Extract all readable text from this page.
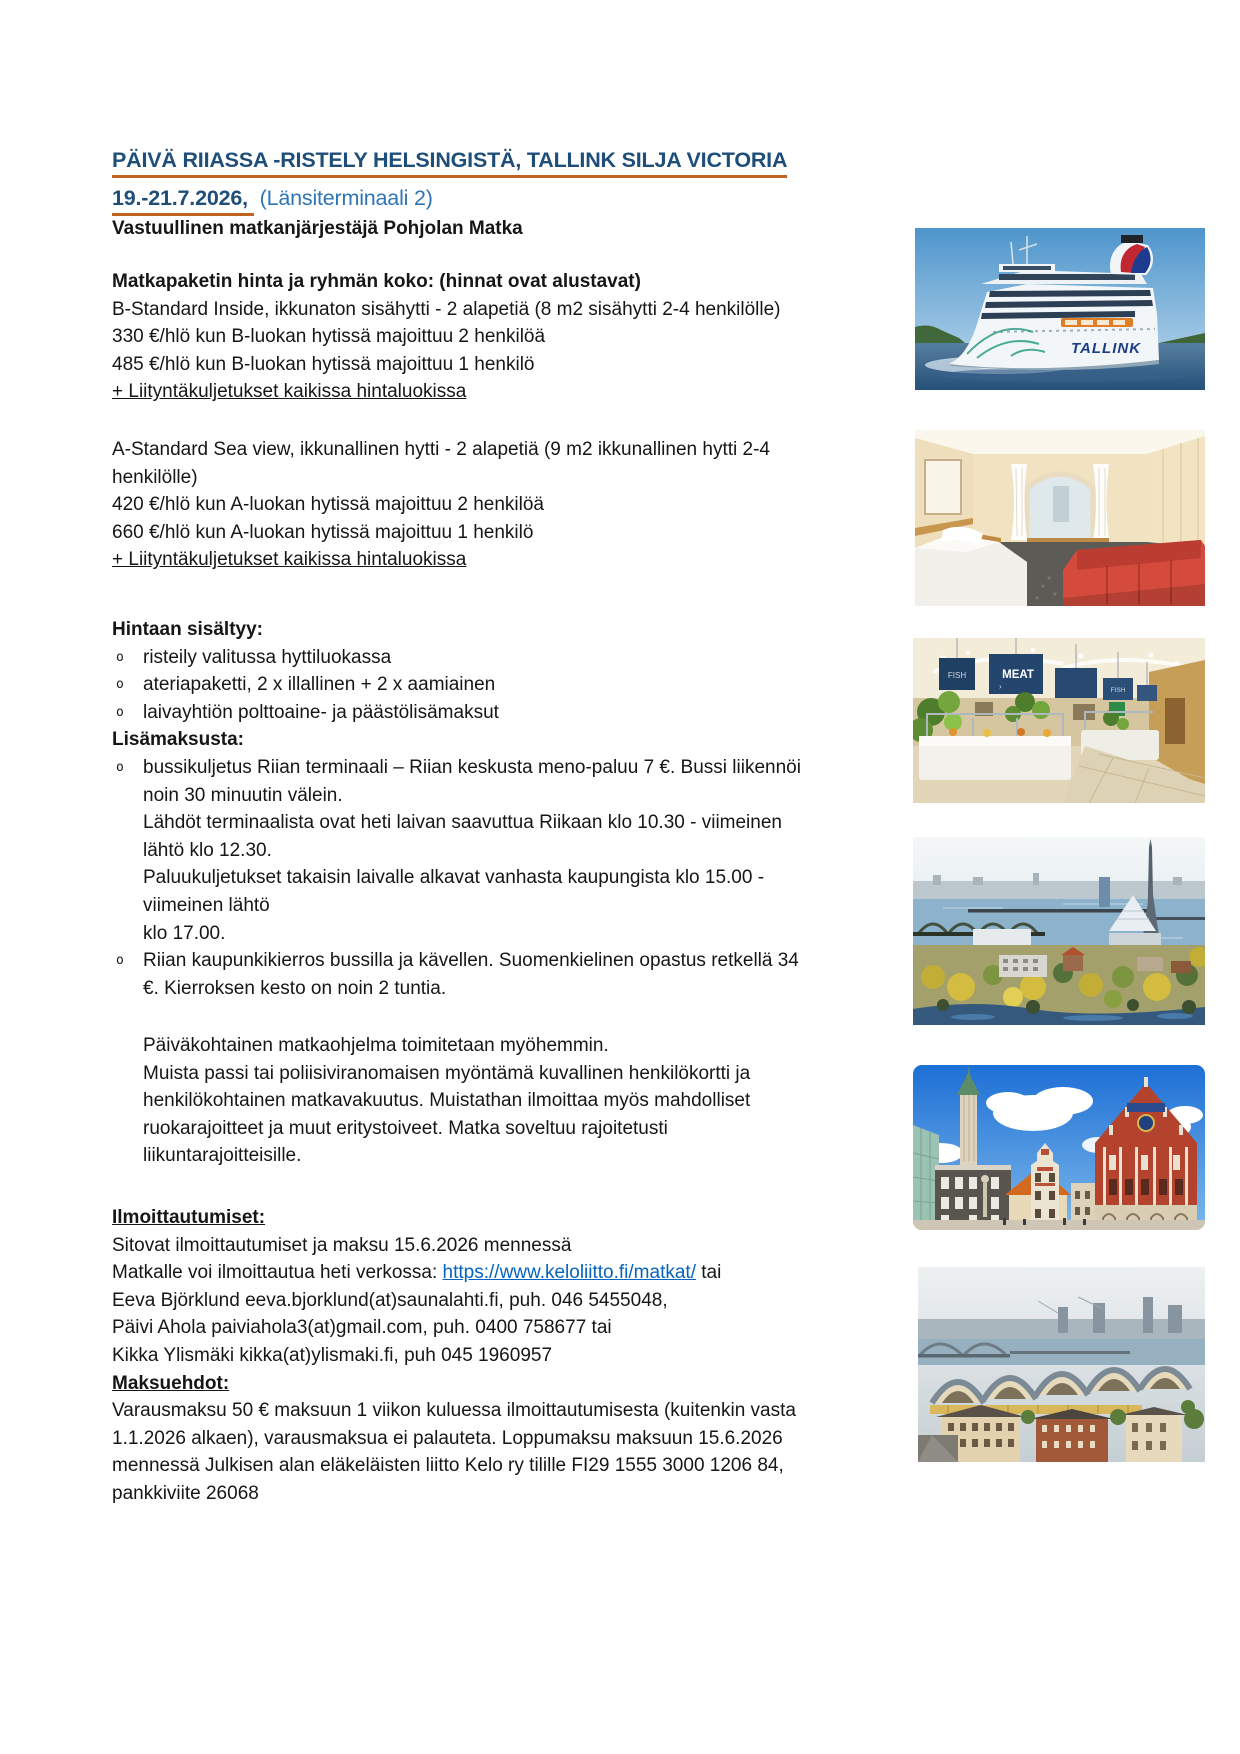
PÄIVÄ RIIASSA -RISTELY HELSINGISTÄ, TALLINK SILJA VICTORIA
19.-21.7.2026, (Länsiterminaali 2)
Vastuullinen matkanjärjestäjä Pohjolan Matka
Matkapaketin hinta ja ryhmän koko: (hinnat ovat alustavat)
B-Standard Inside, ikkunaton sisähytti - 2 alapetiä (8 m2 sisähytti 2-4 henkilölle)
330 €/hlö kun B-luokan hytissä majoittuu 2 henkilöä
485 €/hlö kun B-luokan hytissä majoittuu 1 henkilö
+ Liityntäkuljetukset kaikissa hintaluokissa
A-Standard Sea view, ikkunallinen hytti - 2 alapetiä (9 m2 ikkunallinen hytti 2-4
henkilölle)
420 €/hlö kun A-luokan hytissä majoittuu 2 henkilöä
660 €/hlö kun A-luokan hytissä majoittuu 1 henkilö
+ Liityntäkuljetukset kaikissa hintaluokissa
Hintaan sisältyy:
o risteily valitussa hyttiluokassa
o ateriapaketti, 2 x illallinen + 2 x aamiainen
o laivayhtiön polttoaine- ja päästölisämaksut
Lisämaksusta:
o bussikuljetus Riian terminaali – Riian keskusta meno-paluu 7 €. Bussi liikennöi
noin 30 minuutin välein.
Lähdöt terminaalista ovat heti laivan saavuttua Riikaan klo 10.30 - viimeinen
lähtö klo 12.30.
Paluukuljetukset takaisin laivalle alkavat vanhasta kaupungista klo 15.00 -
viimeinen lähtö
klo 17.00.
o Riian kaupunkikierros bussilla ja kävellen. Suomenkielinen opastus retkellä 34
€. Kierroksen kesto on noin 2 tuntia.
Päiväkohtainen matkaohjelma toimitetaan myöhemmin.
Muista passi tai poliisiviranomaisen myöntämä kuvallinen henkilökortti ja
henkilökohtainen matkavakuutus. Muistathan ilmoittaa myös mahdolliset
ruokarajoitteet ja muut eritystoiveet. Matka soveltuu rajoitetusti
liikuntarajoitteisille.
Ilmoittautumiset:
Sitovat ilmoittautumiset ja maksu 15.6.2026 mennessä
Matkalle voi ilmoittautua heti verkossa: https://www.keloliitto.fi/matkat/ tai
Eeva Björklund eeva.bjorklund(at)saunalahti.fi, puh. 046 5455048,
Päivi Ahola paiviahola3(at)gmail.com, puh. 0400 758677 tai
Kikka Ylismäki kikka(at)ylismaki.fi, puh 045 1960957
Maksuehdot:
Varausmaksu 50 € maksuun 1 viikon kuluessa ilmoittautumisesta (kuitenkin vasta
1.1.2026 alkaen), varausmaksua ei palauteta. Loppumaksu maksuun 15.6.2026
mennessä Julkisen alan eläkeläisten liitto Kelo ry tilille FI29 1555 3000 1206 84,
pankkiviite 26068
TALLINK
FISH	MEAT
›	FISH
